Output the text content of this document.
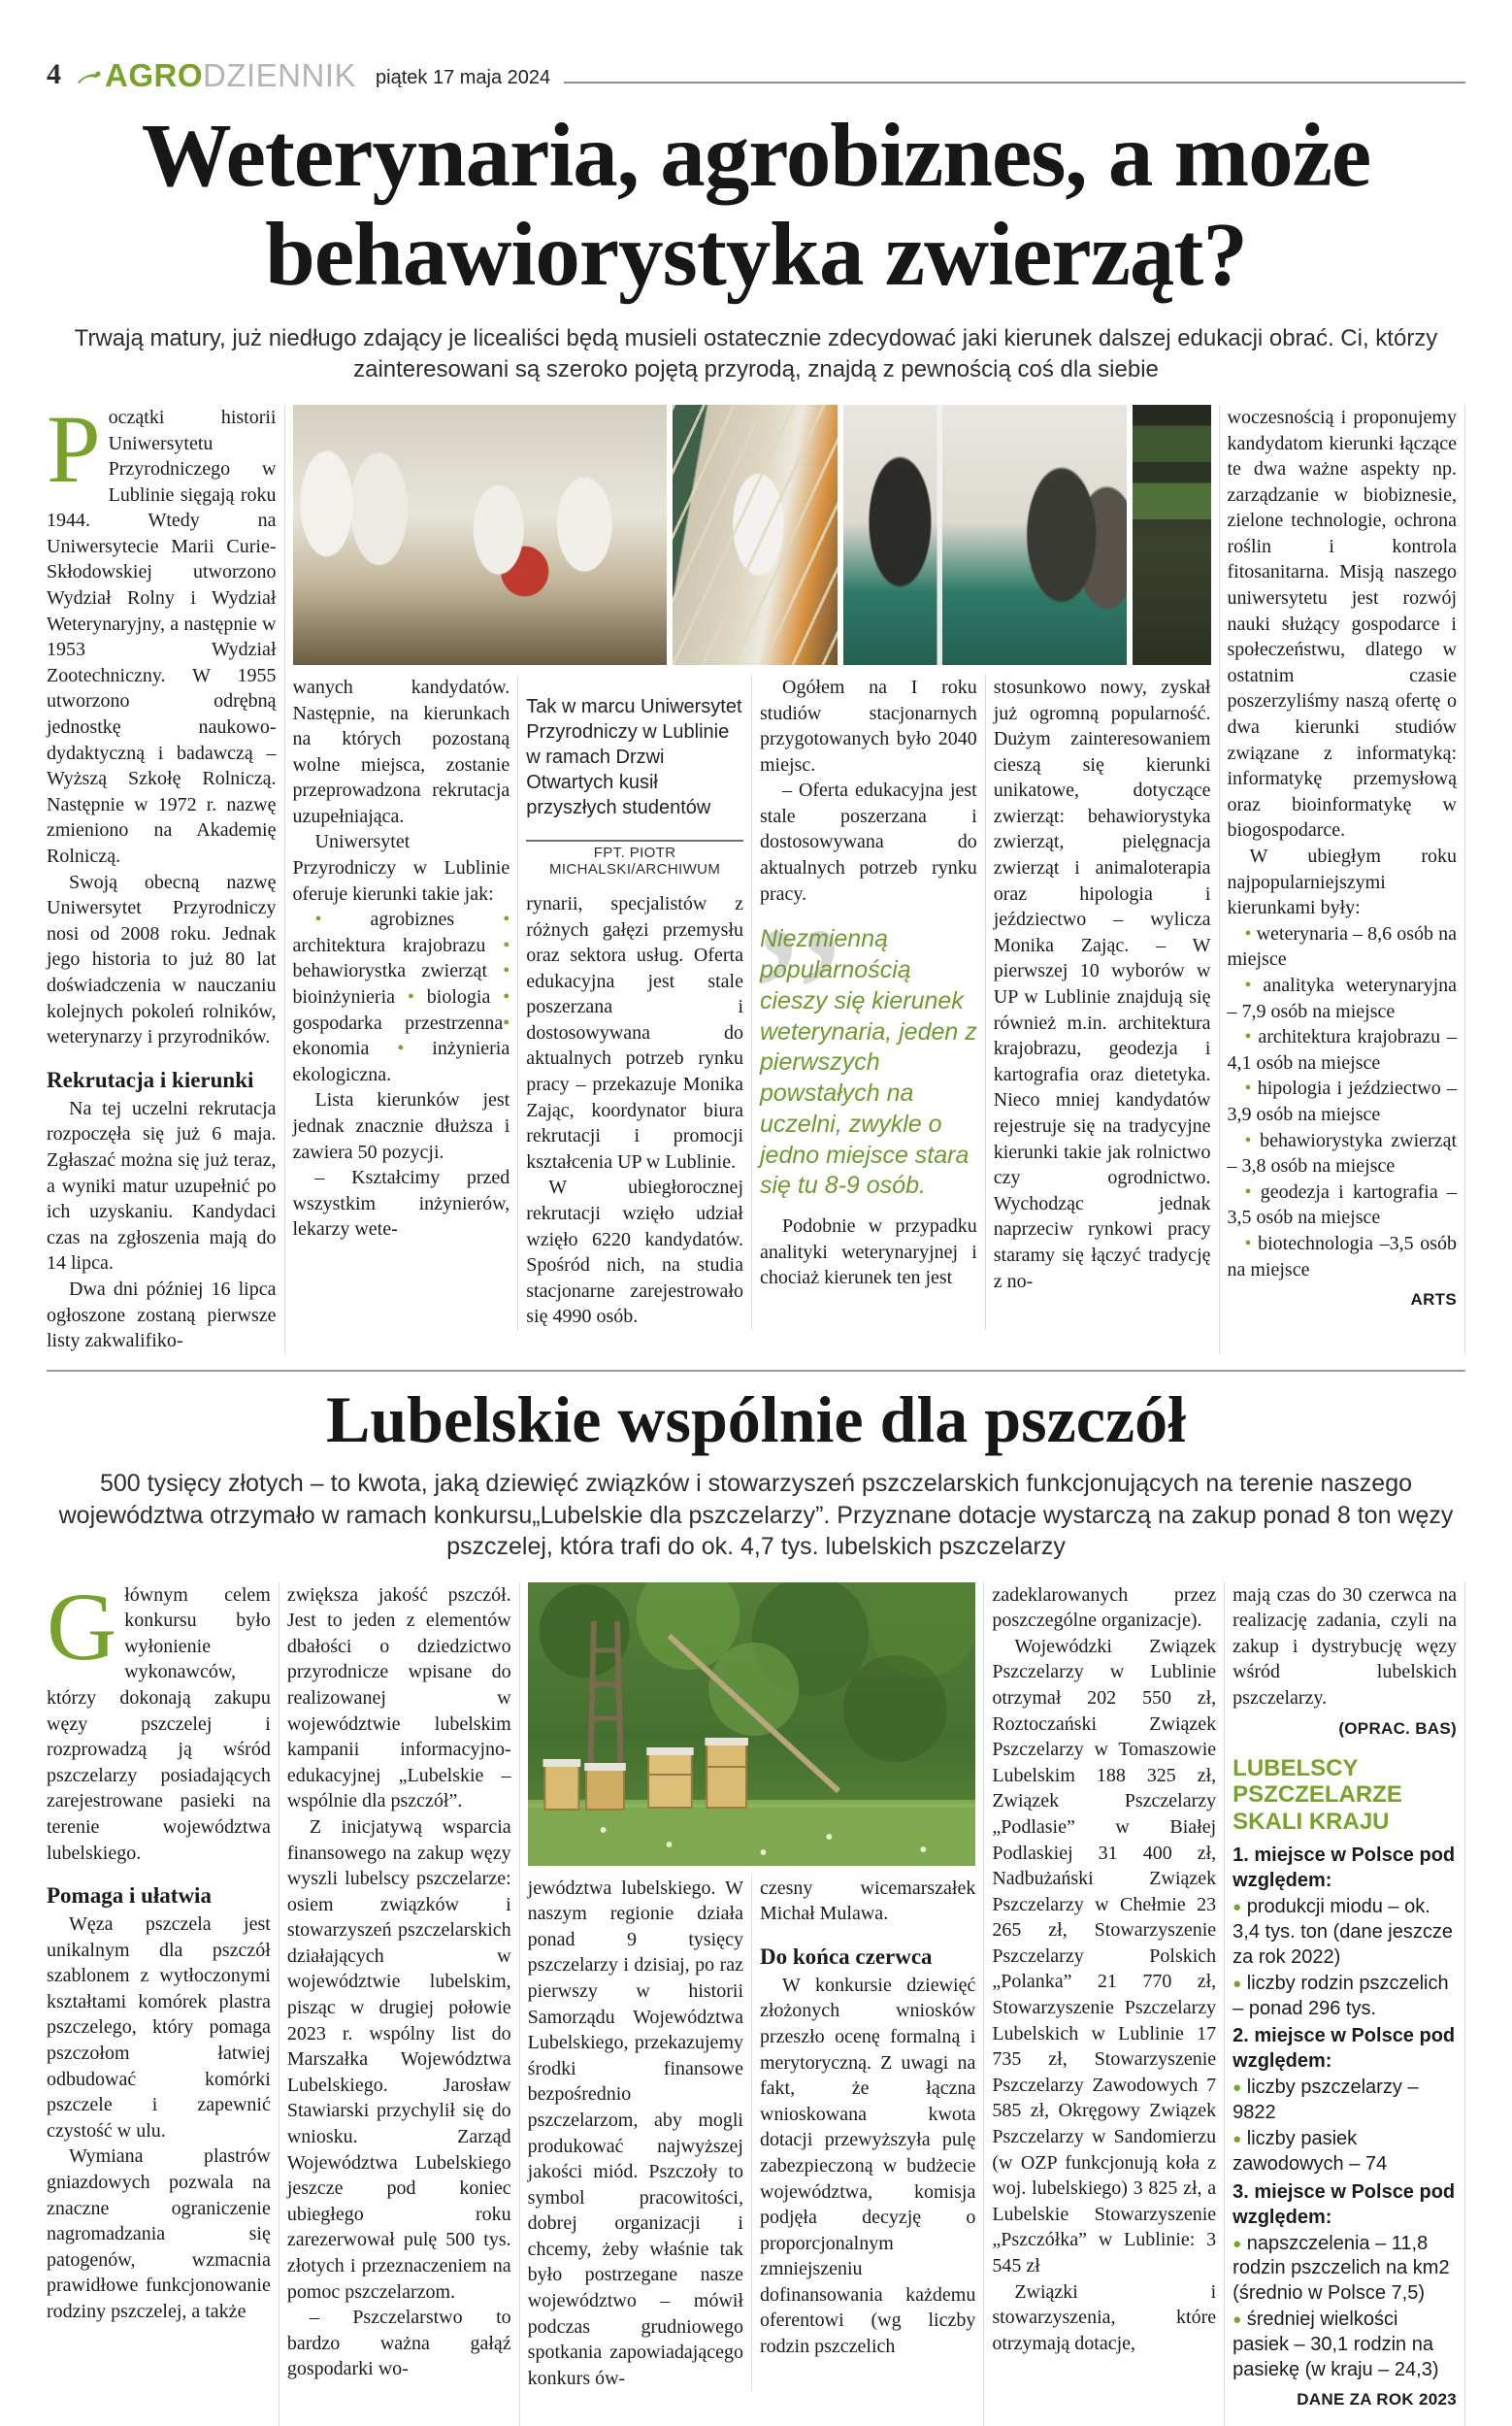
4 AGRO DZIENNIK piątek 17 maja 2024
Weterynaria, agrobiznes, a może
behawiorystyka zwierząt?
Trwają matury, już niedługo zdający je licealiści będą musieli ostatecznie zdecydować jaki kierunek dalszej edukacji obrać. Ci, którzy zainteresowani są szeroko pojętą przyrodą, znajdą z pewnością coś dla siebie

Początki historii Uniwersytetu Przyrodniczego w Lublinie sięgają roku 1944. Wtedy na Uniwersytecie Marii Curie-Skłodowskiej utworzono Wydział Rolny i Wydział Weterynaryjny, a następnie w 1953 Wydział Zootechniczny. W 1955 utworzono odrębną jednostkę naukowo-dydaktyczną i badawczą – Wyższą Szkołę Rolniczą. Następnie w 1972 r. nazwę zmieniono na Akademię Rolniczą.

Swoją obecną nazwę Uniwersytet Przyrodniczy nosi od 2008 roku. Jednak jego historia to już 80 lat doświadczenia w nauczaniu kolejnych pokoleń rolników, weterynarzy i przyrodników.

Rekrutacja i kierunki

Na tej uczelni rekrutacja rozpoczęła się już 6 maja. Zgłaszać można się już teraz, a wyniki matur uzupełnić po ich uzyskaniu. Kandydaci czas na zgłoszenia mają do 14 lipca.

Dwa dni później 16 lipca ogłoszone zostaną pierwsze listy zakwalifiko-

wanych kandydatów. Następnie, na kierunkach na których pozostaną wolne miejsca, zostanie przeprowadzona rekrutacja uzupełniająca.

Uniwersytet Przyrodniczy w Lublinie oferuje kierunki takie jak:

• agrobiznes • architektura krajobrazu • behawiorystka zwierząt • bioinżynieria • biologia • gospodarka przestrzenna• ekonomia • inżynieria ekologiczna.

Lista kierunków jest jednak znacznie dłuższa i zawiera 50 pozycji.

– Kształcimy przed wszystkim inżynierów, lekarzy wete-

Tak w marcu Uniwersytet Przyrodniczy w Lublinie w ramach Drzwi Otwartych kusił przyszłych studentów

FPT. PIOTR MICHALSKI/ARCHIWUM

rynarii, specjalistów z różnych gałęzi przemysłu oraz sektora usług. Oferta edukacyjna jest stale poszerzana i dostosowywana do aktualnych potrzeb rynku pracy – przekazuje Monika Zając, koordynator biura rekrutacji i promocji kształcenia UP w Lublinie.

W ubiegłorocznej rekrutacji wzięło udział wzięło 6220 kandydatów. Spośród nich, na studia stacjonarne zarejestrowało się 4990 osób.

Ogółem na I roku studiów stacjonarnych przygotowanych było 2040 miejsc.

– Oferta edukacyjna jest stale poszerzana i dostosowywana do aktualnych potrzeb rynku pracy.

” Niezmienną popularnością cieszy się kierunek weterynaria, jeden z pierwszych powstałych na uczelni, zwykle o jedno miejsce stara się tu 8-9 osób.

Podobnie w przypadku analityki weterynaryjnej i chociaż kierunek ten jest

stosunkowo nowy, zyskał już ogromną popularność. Dużym zainteresowaniem cieszą się kierunki unikatowe, dotyczące zwierząt: behawiorystyka zwierząt, pielęgnacja zwierząt i animaloterapia oraz hipologia i jeździectwo – wylicza Monika Zając. – W pierwszej 10 wyborów w UP w Lublinie znajdują się również m.in. architektura krajobrazu, geodezja i kartografia oraz dietetyka. Nieco mniej kandydatów rejestruje się na tradycyjne kierunki takie jak rolnictwo czy ogrodnictwo. Wychodząc jednak naprzeciw rynkowi pracy staramy się łączyć tradycję z no-

woczesnością i proponujemy kandydatom kierunki łączące te dwa ważne aspekty np. zarządzanie w biobiznesie, zielone technologie, ochrona roślin i kontrola fitosanitarna. Misją naszego uniwersytetu jest rozwój nauki służący gospodarce i społeczeństwu, dlatego w ostatnim czasie poszerzyliśmy naszą ofertę o dwa kierunki studiów związane z informatyką: informatykę przemysłową oraz bioinformatykę w biogospodarce.

W ubiegłym roku najpopularniejszymi kierunkami były:

• weterynaria – 8,6 osób na miejsce

• analityka weterynaryjna – 7,9 osób na miejsce

• architektura krajobrazu – 4,1 osób na miejsce

• hipologia i jeździectwo – 3,9 osób na miejsce

• behawiorystyka zwierząt – 3,8 osób na miejsce

• geodezja i kartografia – 3,5 osób na miejsce

• biotechnologia –3,5 osób na miejsce

ARTS

Lubelskie wspólnie dla pszczół
500 tysięcy złotych – to kwota, jaką dziewięć związków i stowarzyszeń pszczelarskich funkcjonujących na terenie naszego województwa otrzymało w ramach konkursu„Lubelskie dla pszczelarzy”. Przyznane dotacje wystarczą na zakup ponad 8 ton węzy pszczelej, która trafi do ok. 4,7 tys. lubelskich pszczelarzy

Głównym celem konkursu było wyłonienie wykonawców, którzy dokonają zakupu węzy pszczelej i rozprowadzą ją wśród pszczelarzy posiadających zarejestrowane pasieki na terenie województwa lubelskiego.

Pomaga i ułatwia

Węza pszczela jest unikalnym dla pszczół szablonem z wytłoczonymi kształtami komórek plastra pszczelego, który pomaga pszczołom łatwiej odbudować komórki pszczele i zapewnić czystość w ulu.

Wymiana plastrów gniazdowych pozwala na znaczne ograniczenie nagromadzania się patogenów, wzmacnia prawidłowe funkcjonowanie rodziny pszczelej, a także

zwiększa jakość pszczół. Jest to jeden z elementów dbałości o dziedzictwo przyrodnicze wpisane do realizowanej w województwie lubelskim kampanii informacyjno-edukacyjnej „Lubelskie – wspólnie dla pszczół”.

Z inicjatywą wsparcia finansowego na zakup węzy wyszli lubelscy pszczelarze: osiem związków i stowarzyszeń pszczelarskich działających w województwie lubelskim, pisząc w drugiej połowie 2023 r. wspólny list do Marszałka Województwa Lubelskiego. Jarosław Stawiarski przychylił się do wniosku. Zarząd Województwa Lubelskiego jeszcze pod koniec ubiegłego roku zarezerwował pulę 500 tys. złotych i przeznaczeniem na pomoc pszczelarzom.

– Pszczelarstwo to bardzo ważna gałąź gospodarki wo-

jewództwa lubelskiego. W naszym regionie działa ponad 9 tysięcy pszczelarzy i dzisiaj, po raz pierwszy w historii Samorządu Województwa Lubelskiego, przekazujemy środki finansowe bezpośrednio pszczelarzom, aby mogli produkować najwyższej jakości miód. Pszczoły to symbol pracowitości, dobrej organizacji i chcemy, żeby właśnie tak było postrzegane nasze województwo – mówił podczas grudniowego spotkania zapowiadającego konkurs ów-

czesny wicemarszałek Michał Mulawa.

Do końca czerwca

W konkursie dziewięć złożonych wniosków przeszło ocenę formalną i merytoryczną. Z uwagi na fakt, że łączna wnioskowana kwota dotacji przewyższyła pulę zabezpieczoną w budżecie województwa, komisja podjęła decyzję o proporcjonalnym zmniejszeniu dofinansowania każdemu oferentowi (wg liczby rodzin pszczelich

zadeklarowanych przez poszczególne organizacje).

Wojewódzki Związek Pszczelarzy w Lublinie otrzymał 202 550 zł, Roztoczański Związek Pszczelarzy w Tomaszowie Lubelskim 188 325 zł, Związek Pszczelarzy „Podlasie” w Białej Podlaskiej 31 400 zł, Nadbużański Związek Pszczelarzy w Chełmie 23 265 zł, Stowarzyszenie Pszczelarzy Polskich „Polanka” 21 770 zł, Stowarzyszenie Pszczelarzy Lubelskich w Lublinie 17 735 zł, Stowarzyszenie Pszczelarzy Zawodowych 7 585 zł, Okręgowy Związek Pszczelarzy w Sandomierzu (w OZP funkcjonują koła z woj. lubelskiego) 3 825 zł, a Lubelskie Stowarzyszenie „Pszczółka” w Lublinie: 3 545 zł

Związki i stowarzyszenia, które otrzymają dotacje,

mają czas do 30 czerwca na realizację zadania, czyli na zakup i dystrybucję węzy wśród lubelskich pszczelarzy.

(OPRAC. BAS)

LUBELSCY PSZCZELARZE SKALI KRAJU

1. miejsce w Polsce pod względem:

● produkcji miodu – ok. 3,4 tys. ton (dane jeszcze za rok 2022)

● liczby rodzin pszczelich – ponad 296 tys.

2. miejsce w Polsce pod względem:

● liczby pszczelarzy – 9822

● liczby pasiek zawodowych – 74

3. miejsce w Polsce pod względem:

● napszczelenia – 11,8 rodzin pszczelich na km2 (średnio w Polsce 7,5)

● średniej wielkości pasiek – 30,1 rodzin na pasiekę (w kraju – 24,3)

DANE ZA ROK 2023
